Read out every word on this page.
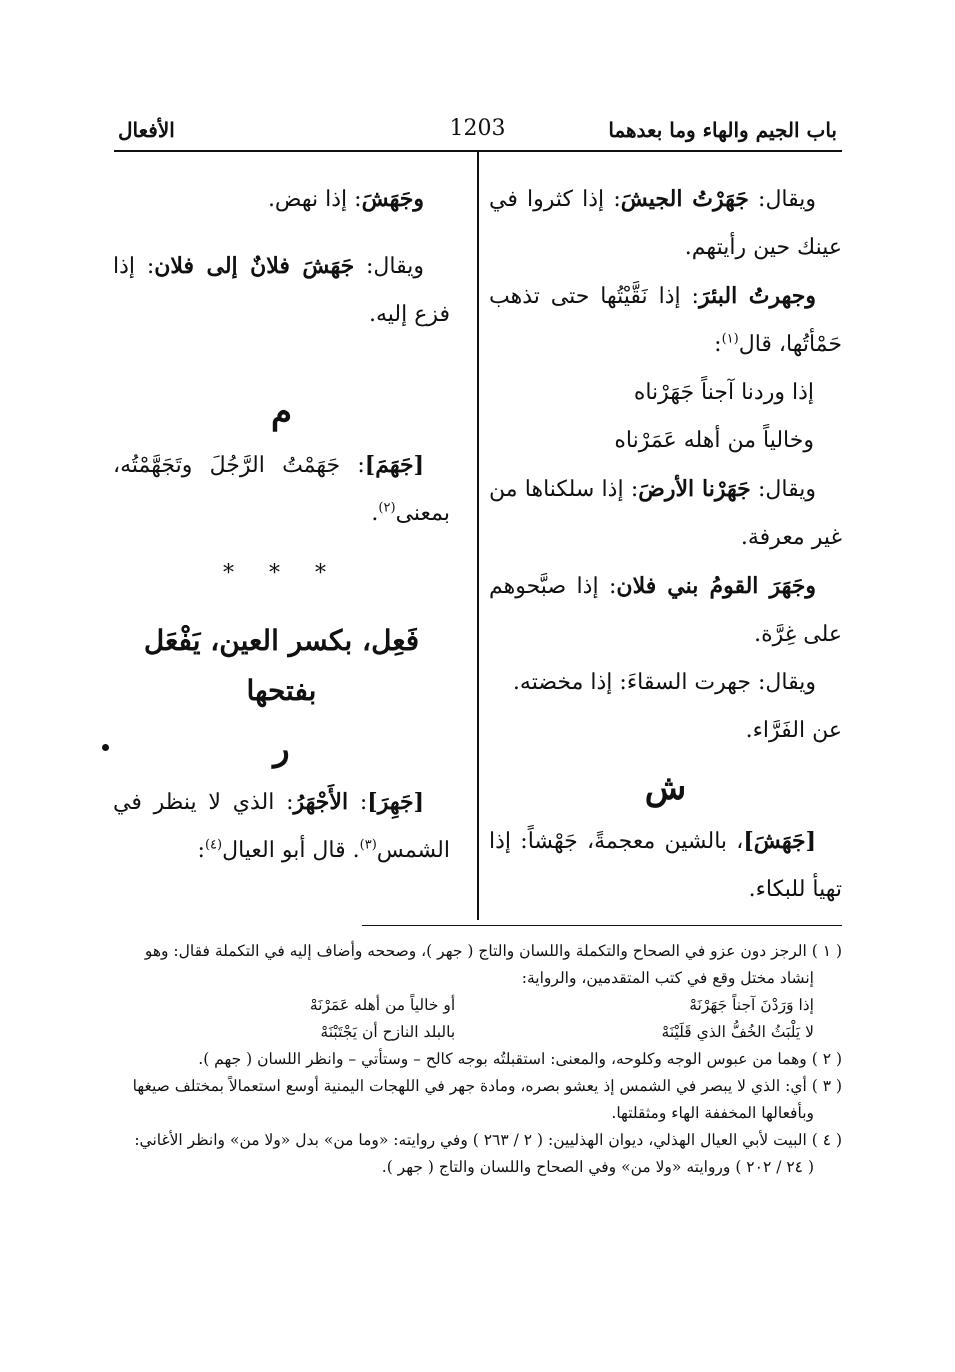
باب الجيم والهاء وما بعدهما
1203
الأفعال

ويقال: جَهَرْتُ الجيشَ: إذا كثروا في عينك حين رأيتهم.

وجهرتُ البئرَ: إذا نَقَّيْتُها حتى تذهب حَمْأتُها، قال$^{(١)}$:

إذا وردنا آجناً جَهَرْناه

وخالياً من أهله عَمَرْناه

ويقال: جَهَرْنا الأرضَ: إذا سلكناها من غير معرفة.

وجَهَرَ القومُ بني فلان: إذا صبَّحوهم على غِرَّة.

ويقال: جهرت السقاءَ: إذا مخضته.

عن الفَرَّاء.

ش

[جَهَشَ]، بالشين معجمةً، جَهْشاً: إذا تهيأ للبكاء.

وجَهَشَ: إذا نهض.

ويقال: جَهَشَ فلانٌ إلى فلان: إذا فزع إليه.

م

[جَهَمَ]: جَهَمْتُ الرَّجُلَ وتَجَهَّمْتُه، بمعنى$^{(٢)}$.

* * *
فَعِل، بكسر العين، يَفْعَل بفتحها
ر

[جَهِرَ]: الأَجْهَرُ: الذي لا ينظر في الشمس$^{(٣)}$. قال أبو العيال$^{(٤)}$:

( ١ ) الرجز دون عزو في الصحاح والتكملة واللسان والتاج ( جهر )، وصححه وأضاف إليه في التكملة فقال: وهو

إنشاد مختل وقع في كتب المتقدمين، والرواية:

إذا وَرَدْنَ آجناً جَهَرْنَهْ
أو خالياً من أهله عَمَرْنَهْ
لا يَلْبَثُ الخُفُّ الذي قَلَيْنَهْ
بالبلد النازح أن يَجْتَبْنَهْ

( ٢ ) وهما من عبوس الوجه وكلوحه، والمعنى: استقبلتُه بوجه كالح – وستأتي – وانظر اللسان ( جهم ).

( ٣ ) أي: الذي لا يبصر في الشمس إذ يعشو بصره، ومادة جهر في اللهجات اليمنية أوسع استعمالاً بمختلف صيغها

وبأفعالها المخففة الهاء ومثقلتها.

( ٤ ) البيت لأبي العيال الهذلي، ديوان الهذليين: ( ٢ / ٢٦٣ ) وفي روايته: «وما من» بدل «ولا من» وانظر الأغاني:

( ٢٤ / ٢٠٢ ) وروايته «ولا من» وفي الصحاح واللسان والتاج ( جهر ).
